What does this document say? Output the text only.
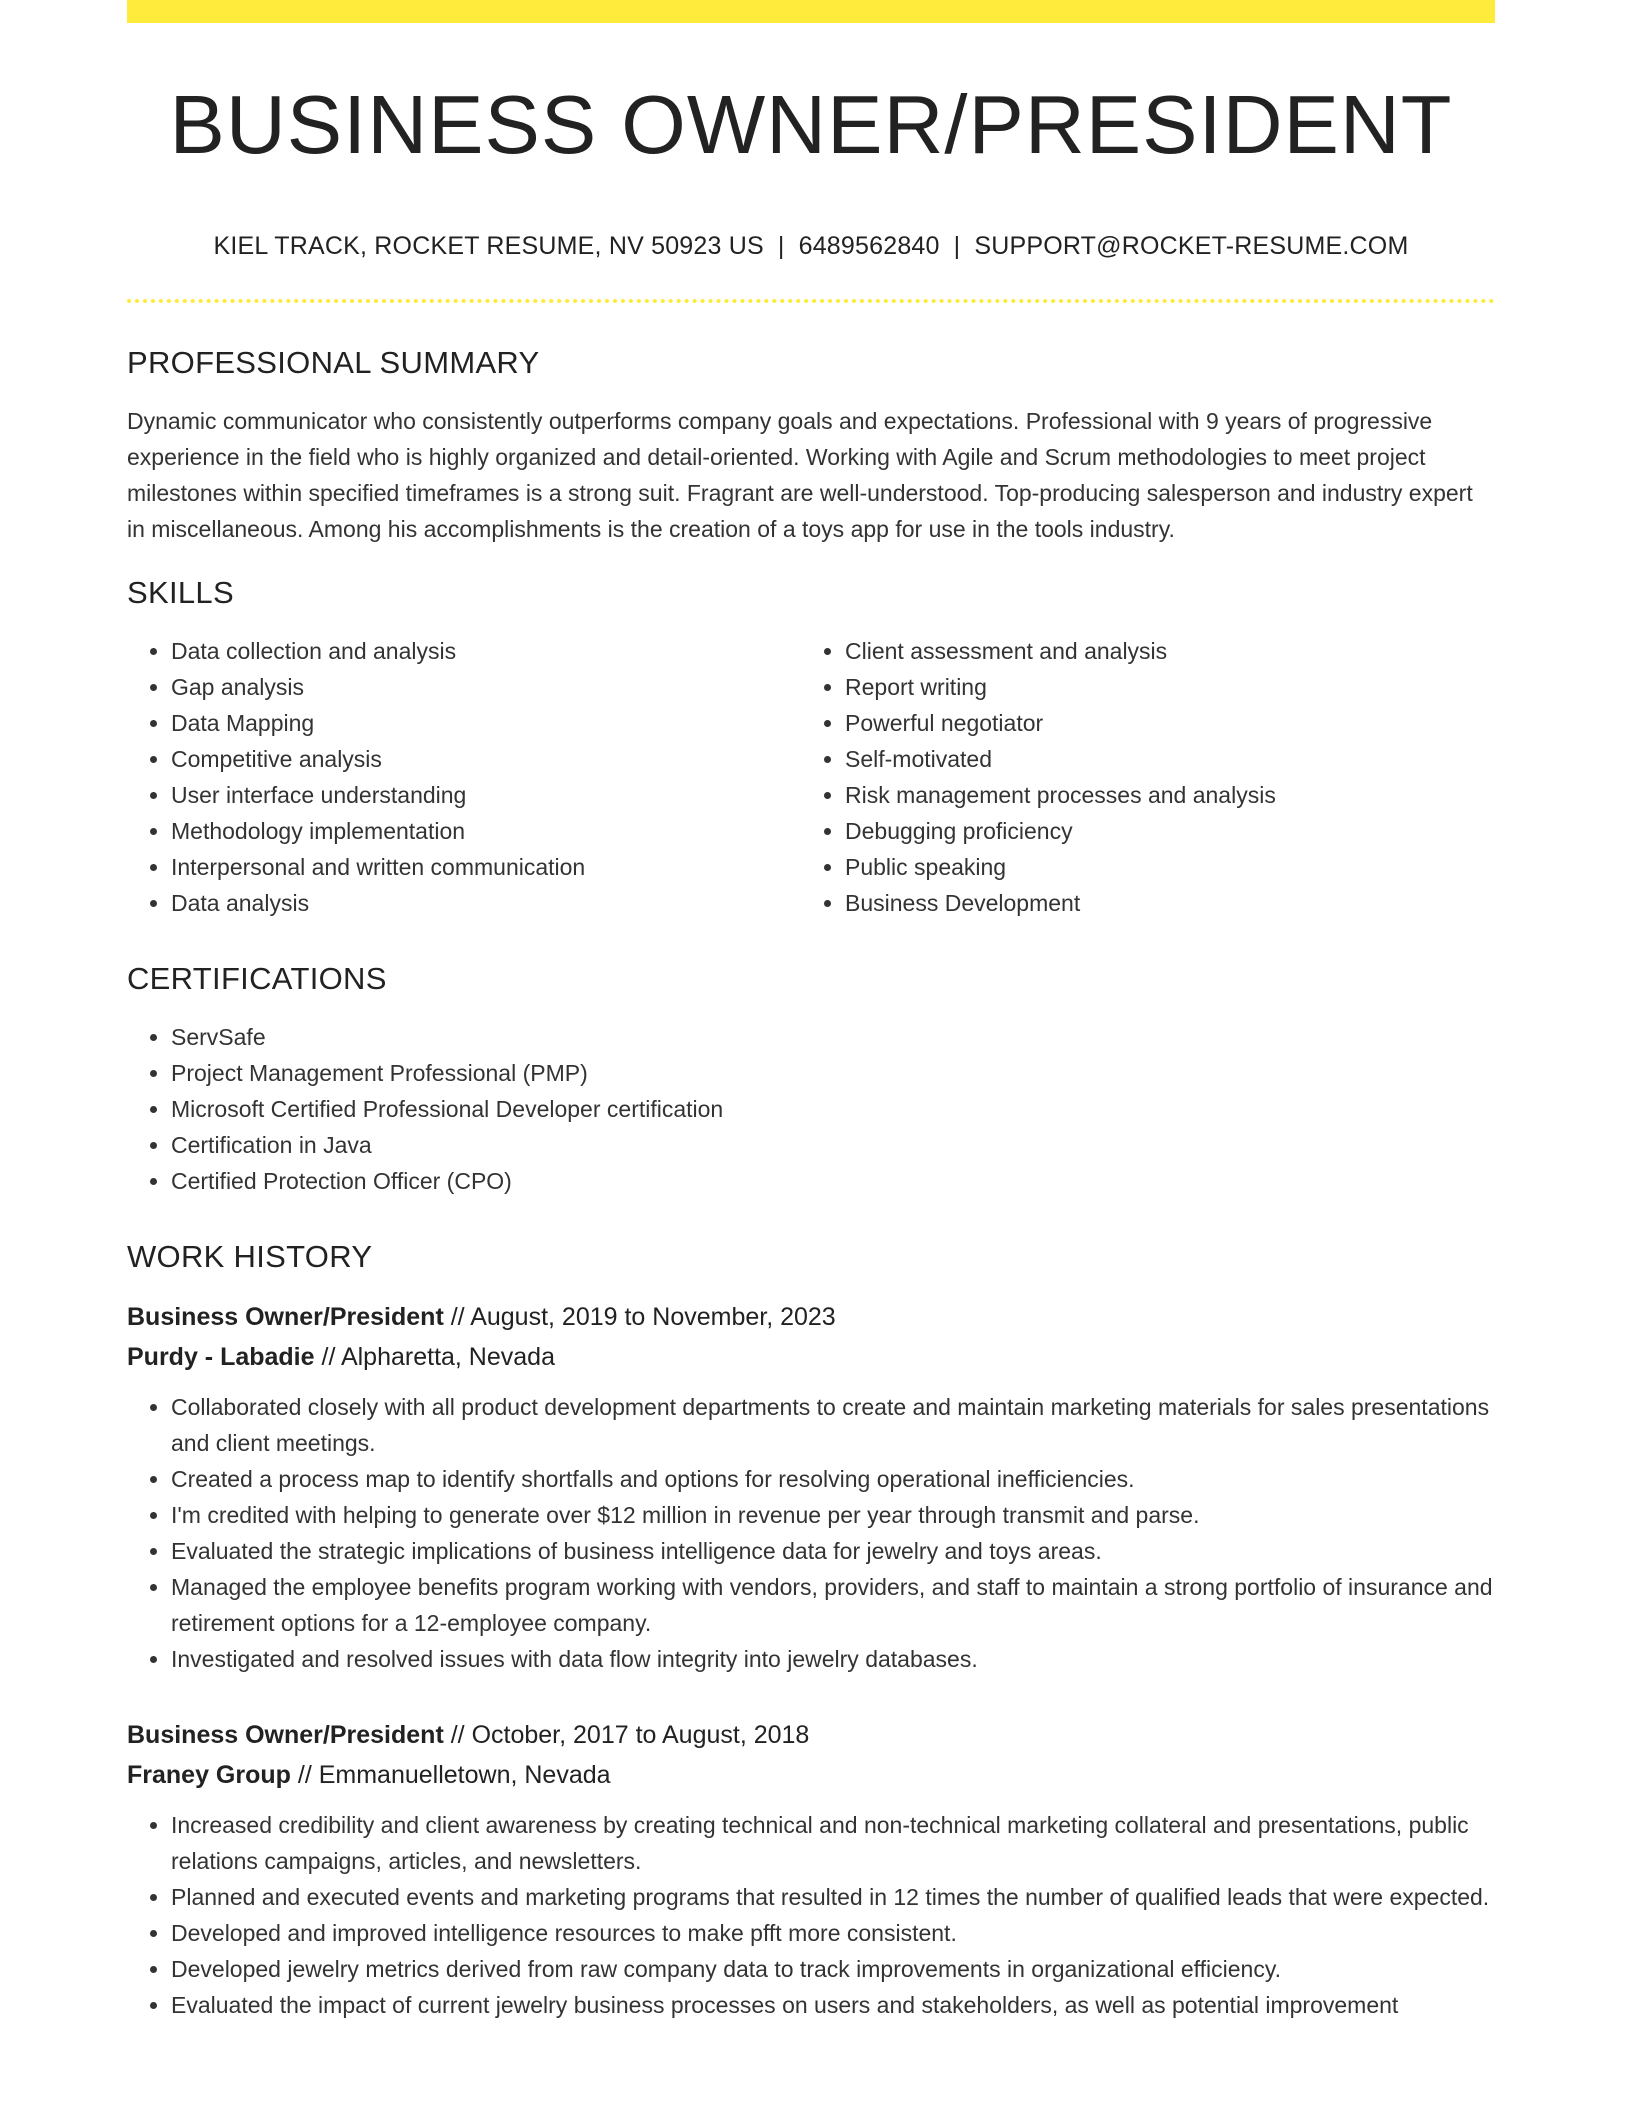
BUSINESS OWNER/PRESIDENT
KIEL TRACK, ROCKET RESUME, NV 50923 US | 6489562840 | SUPPORT@ROCKET-RESUME.COM
PROFESSIONAL SUMMARY
Dynamic communicator who consistently outperforms company goals and expectations. Professional with 9 years of progressive experience in the field who is highly organized and detail-oriented. Working with Agile and Scrum methodologies to meet project milestones within specified timeframes is a strong suit. Fragrant are well-understood. Top-producing salesperson and industry expert in miscellaneous. Among his accomplishments is the creation of a toys app for use in the tools industry.
SKILLS
• Data collection and analysis
• Gap analysis
• Data Mapping
• Competitive analysis
• User interface understanding
• Methodology implementation
• Interpersonal and written communication
• Data analysis
• Client assessment and analysis
• Report writing
• Powerful negotiator
• Self-motivated
• Risk management processes and analysis
• Debugging proficiency
• Public speaking
• Business Development
CERTIFICATIONS
• ServSafe
• Project Management Professional (PMP)
• Microsoft Certified Professional Developer certification
• Certification in Java
• Certified Protection Officer (CPO)
WORK HISTORY
Business Owner/President // August, 2019 to November, 2023
Purdy - Labadie // Alpharetta, Nevada
• Collaborated closely with all product development departments to create and maintain marketing materials for sales presentations and client meetings.
• Created a process map to identify shortfalls and options for resolving operational inefficiencies.
• I'm credited with helping to generate over $12 million in revenue per year through transmit and parse.
• Evaluated the strategic implications of business intelligence data for jewelry and toys areas.
• Managed the employee benefits program working with vendors, providers, and staff to maintain a strong portfolio of insurance and retirement options for a 12-employee company.
• Investigated and resolved issues with data flow integrity into jewelry databases.
Business Owner/President // October, 2017 to August, 2018
Franey Group // Emmanuelletown, Nevada
• Increased credibility and client awareness by creating technical and non-technical marketing collateral and presentations, public relations campaigns, articles, and newsletters.
• Planned and executed events and marketing programs that resulted in 12 times the number of qualified leads that were expected.
• Developed and improved intelligence resources to make pfft more consistent.
• Developed jewelry metrics derived from raw company data to track improvements in organizational efficiency.
• Evaluated the impact of current jewelry business processes on users and stakeholders, as well as potential improvement
